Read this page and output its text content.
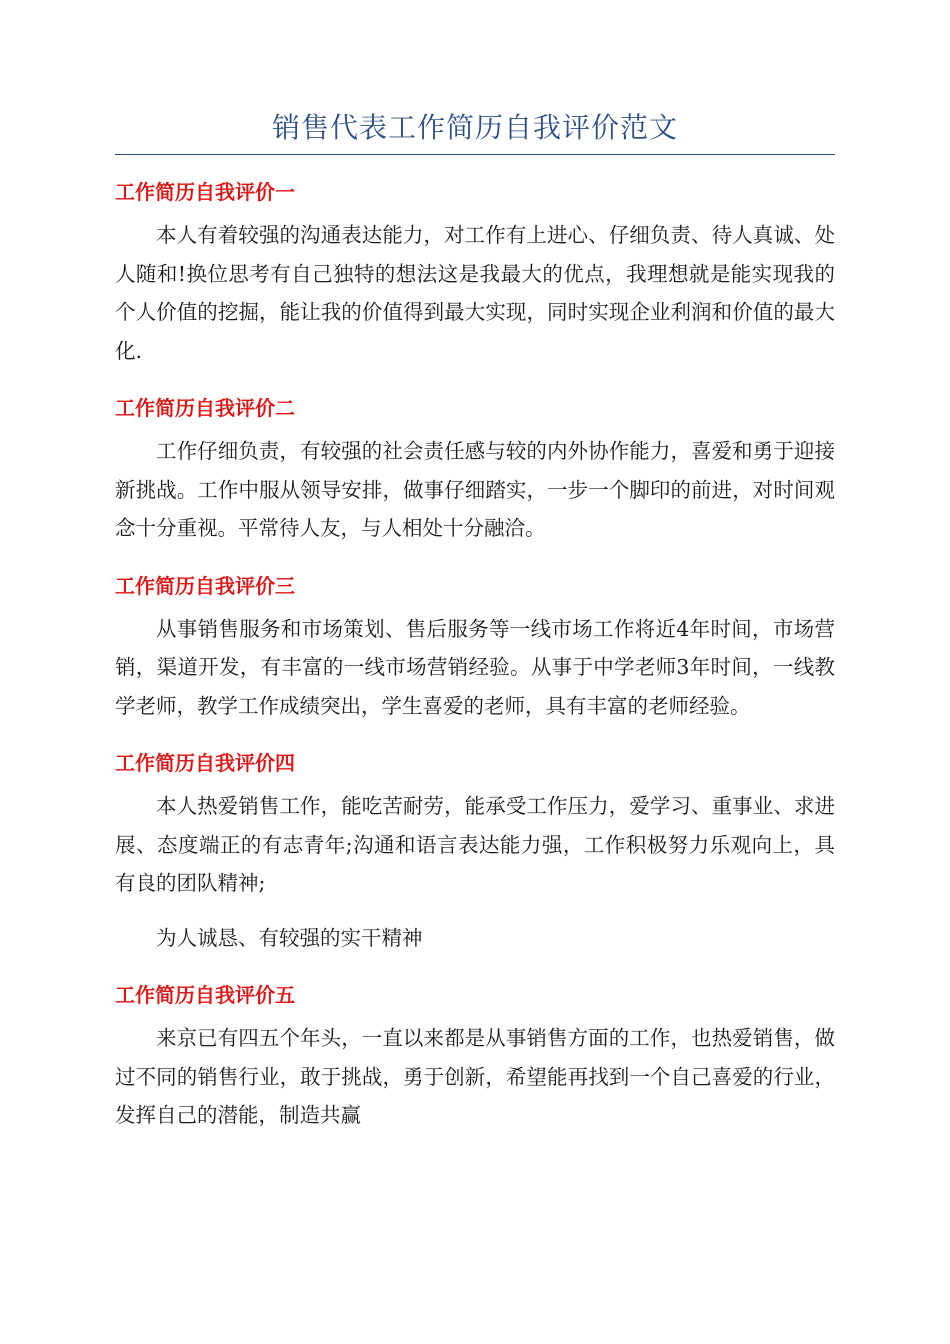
销售代表工作简历自我评价范文
工作简历自我评价一

本人有着较强的沟通表达能力，对工作有上进心、仔细负责、待人真诚、处人随和!换位思考有自己独特的想法这是我最大的优点，我理想就是能实现我的个人价值的挖掘，能让我的价值得到最大实现，同时实现企业利润和价值的最大化.

工作简历自我评价二

工作仔细负责，有较强的社会责任感与较的内外协作能力，喜爱和勇于迎接新挑战。工作中服从领导安排，做事仔细踏实，一步一个脚印的前进，对时间观念十分重视。平常待人友，与人相处十分融洽。

工作简历自我评价三

从事销售服务和市场策划、售后服务等一线市场工作将近4年时间，市场营销，渠道开发，有丰富的一线市场营销经验。从事于中学老师3年时间，一线教学老师，教学工作成绩突出，学生喜爱的老师，具有丰富的老师经验。

工作简历自我评价四

本人热爱销售工作，能吃苦耐劳，能承受工作压力，爱学习、重事业、求进展、态度端正的有志青年;沟通和语言表达能力强，工作积极努力乐观向上，具有良的团队精神;

为人诚恳、有较强的实干精神

工作简历自我评价五

来京已有四五个年头，一直以来都是从事销售方面的工作，也热爱销售，做过不同的销售行业，敢于挑战，勇于创新，希望能再找到一个自己喜爱的行业，发挥自己的潜能，制造共赢
